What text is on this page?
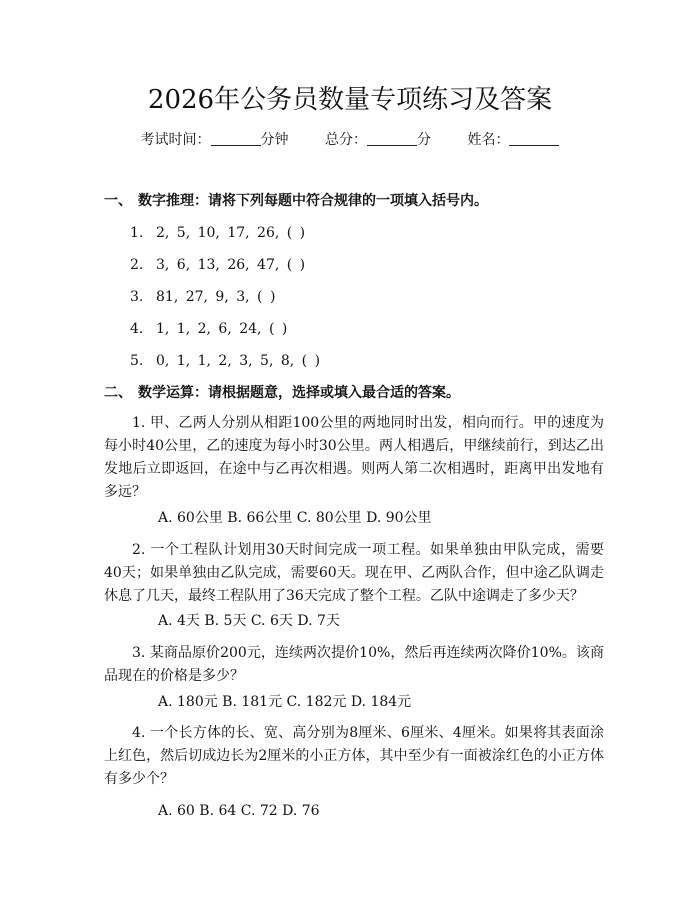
2026年公务员数量专项练习及答案
考试时间：	分钟	总分：	分	姓名：
一、 数字推理：请将下列每题中符合规律的一项填入括号内。
1. 2, 5, 10, 17, 26, ( )
2. 3, 6, 13, 26, 47, ( )
3. 81, 27, 9, 3, ( )
4. 1, 1, 2, 6, 24, ( )
5. 0, 1, 1, 2, 3, 5, 8, ( )
二、 数学运算：请根据题意，选择或填入最合适的答案。
1. 甲、乙两人分别从相距100公里的两地同时出发，相向而行。甲的速度为每小时40公里，乙的速度为每小时30公里。两人相遇后，甲继续前行，到达乙出发地后立即返回，在途中与乙再次相遇。则两人第二次相遇时，距离甲出发地有多远？
A. 60公里 B. 66公里 C. 80公里 D. 90公里
2. 一个工程队计划用30天时间完成一项工程。如果单独由甲队完成，需要40天；如果单独由乙队完成，需要60天。现在甲、乙两队合作，但中途乙队调走休息了几天，最终工程队用了36天完成了整个工程。乙队中途调走了多少天？
A. 4天 B. 5天 C. 6天 D. 7天
3. 某商品原价200元，连续两次提价10%，然后再连续两次降价10%。该商品现在的价格是多少？
A. 180元 B. 181元 C. 182元 D. 184元
4. 一个长方体的长、宽、高分别为8厘米、6厘米、4厘米。如果将其表面涂上红色，然后切成边长为2厘米的小正方体，其中至少有一面被涂红色的小正方体有多少个？
A. 60 B. 64 C. 72 D. 76
